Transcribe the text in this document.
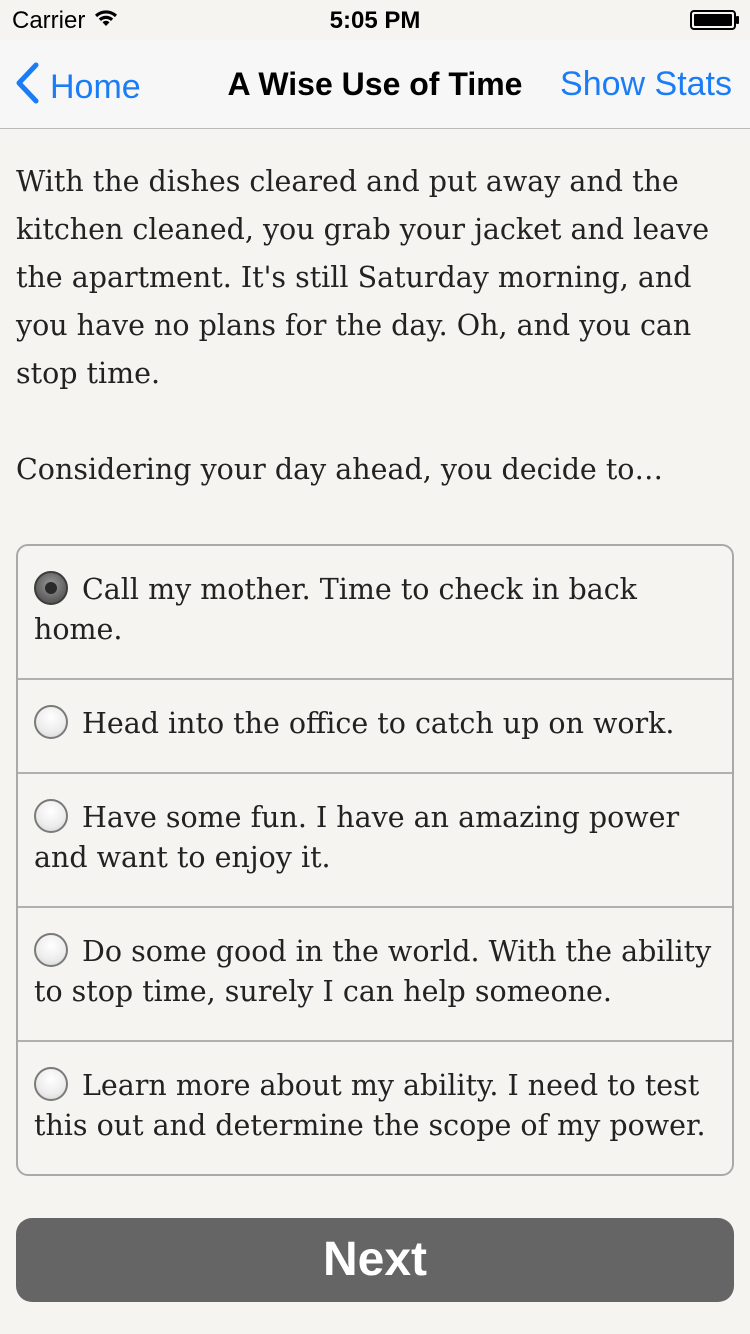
Carrier	5:05 PM
Home	A Wise Use of Time	Show Stats

With the dishes cleared and put away and the kitchen cleaned, you grab your jacket and leave the apartment. It's still Saturday morning, and you have no plans for the day. Oh, and you can stop time.

Considering your day ahead, you decide to…

Call my mother. Time to check in back home.
Head into the office to catch up on work.
Have some fun. I have an amazing power and want to enjoy it.
Do some good in the world. With the ability to stop time, surely I can help someone.
Learn more about my ability. I need to test this out and determine the scope of my power.
Next
